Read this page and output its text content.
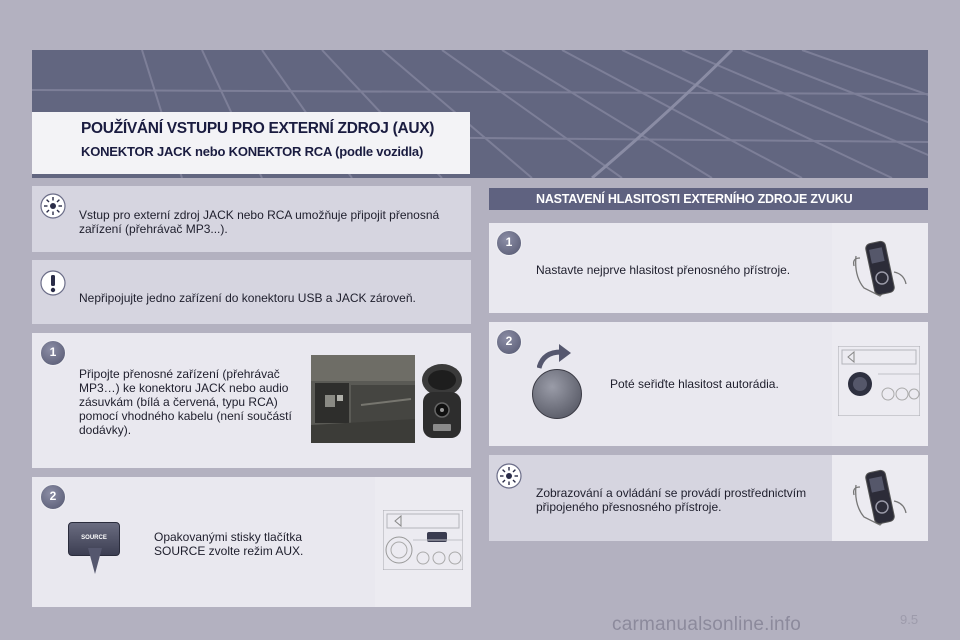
POUŽÍVÁNÍ VSTUPU PRO EXTERNÍ ZDROJ (AUX)
KONEKTOR JACK nebo KONEKTOR RCA (podle vozidla)
Vstup pro externí zdroj JACK nebo RCA umožňuje připojit přenosná zařízení (přehrávač MP3...).
Nepřipojujte jedno zařízení do konektoru USB a JACK zároveň.
1
Připojte přenosné zařízení (přehrávač MP3…) ke konektoru JACK nebo audio zásuvkám (bílá a červená, typu RCA) pomocí vhodného kabelu (není součástí dodávky).
2
SOURCE	Opakovanými stisky tlačítka SOURCE zvolte režim AUX.
NASTAVENÍ HLASITOSTI EXTERNÍHO ZDROJE ZVUKU
1
Nastavte nejprve hlasitost přenosného přístroje.
2
Poté seřiďte hlasitost autorádia.
Zobrazování a ovládání se provádí prostřednictvím připojeného přesnosného přístroje.
carmanualsonline.info	9.5
